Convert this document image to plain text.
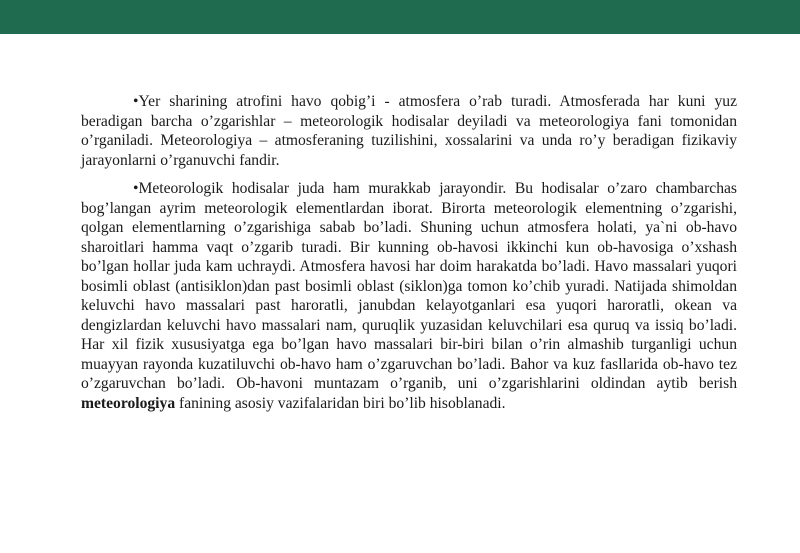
•Yer sharining atrofini havo qobig’i - atmosfera o’rab turadi. Atmosferada har kuni yuz beradigan barcha o’zgarishlar – meteorologik hodisalar deyiladi va meteorologiya fani tomonidan o’rganiladi. Meteorologiya – atmosferaning tuzilishini, xossalarini va unda ro’y beradigan fizikaviy jarayonlarni o’rganuvchi fandir.

•Meteorologik hodisalar juda ham murakkab jarayondir. Bu hodisalar o’zaro chambarchas bog’langan ayrim meteorologik elementlardan iborat. Birorta meteorologik elementning o’zgarishi, qolgan elementlarning o’zgarishiga sabab bo’ladi. Shuning uchun atmosfera holati, ya`ni ob-havo sharoitlari hamma vaqt o’zgarib turadi. Bir kunning ob-havosi ikkinchi kun ob-havosiga o’xshash bo’lgan hollar juda kam uchraydi. Atmosfera havosi har doim harakatda bo’ladi. Havo massalari yuqori bosimli oblast (antisiklon)dan past bosimli oblast (siklon)ga tomon ko’chib yuradi. Natijada shimoldan keluvchi havo massalari past haroratli, janubdan kelayotganlari esa yuqori haroratli, okean va dengizlardan keluvchi havo massalari nam, quruqlik yuzasidan keluvchilari esa quruq va issiq bo’ladi. Har xil fizik xususiyatga ega bo’lgan havo massalari bir-biri bilan o’rin almashib turganligi uchun muayyan rayonda kuzatiluvchi ob-havo ham o’zgaruvchan bo’ladi. Bahor va kuz fasllarida ob-havo tez o’zgaruvchan bo’ladi. Ob-havoni muntazam o’rganib, uni o’zgarishlarini oldindan aytib berish meteorologiya fanining asosiy vazifalaridan biri bo’lib hisoblanadi.
